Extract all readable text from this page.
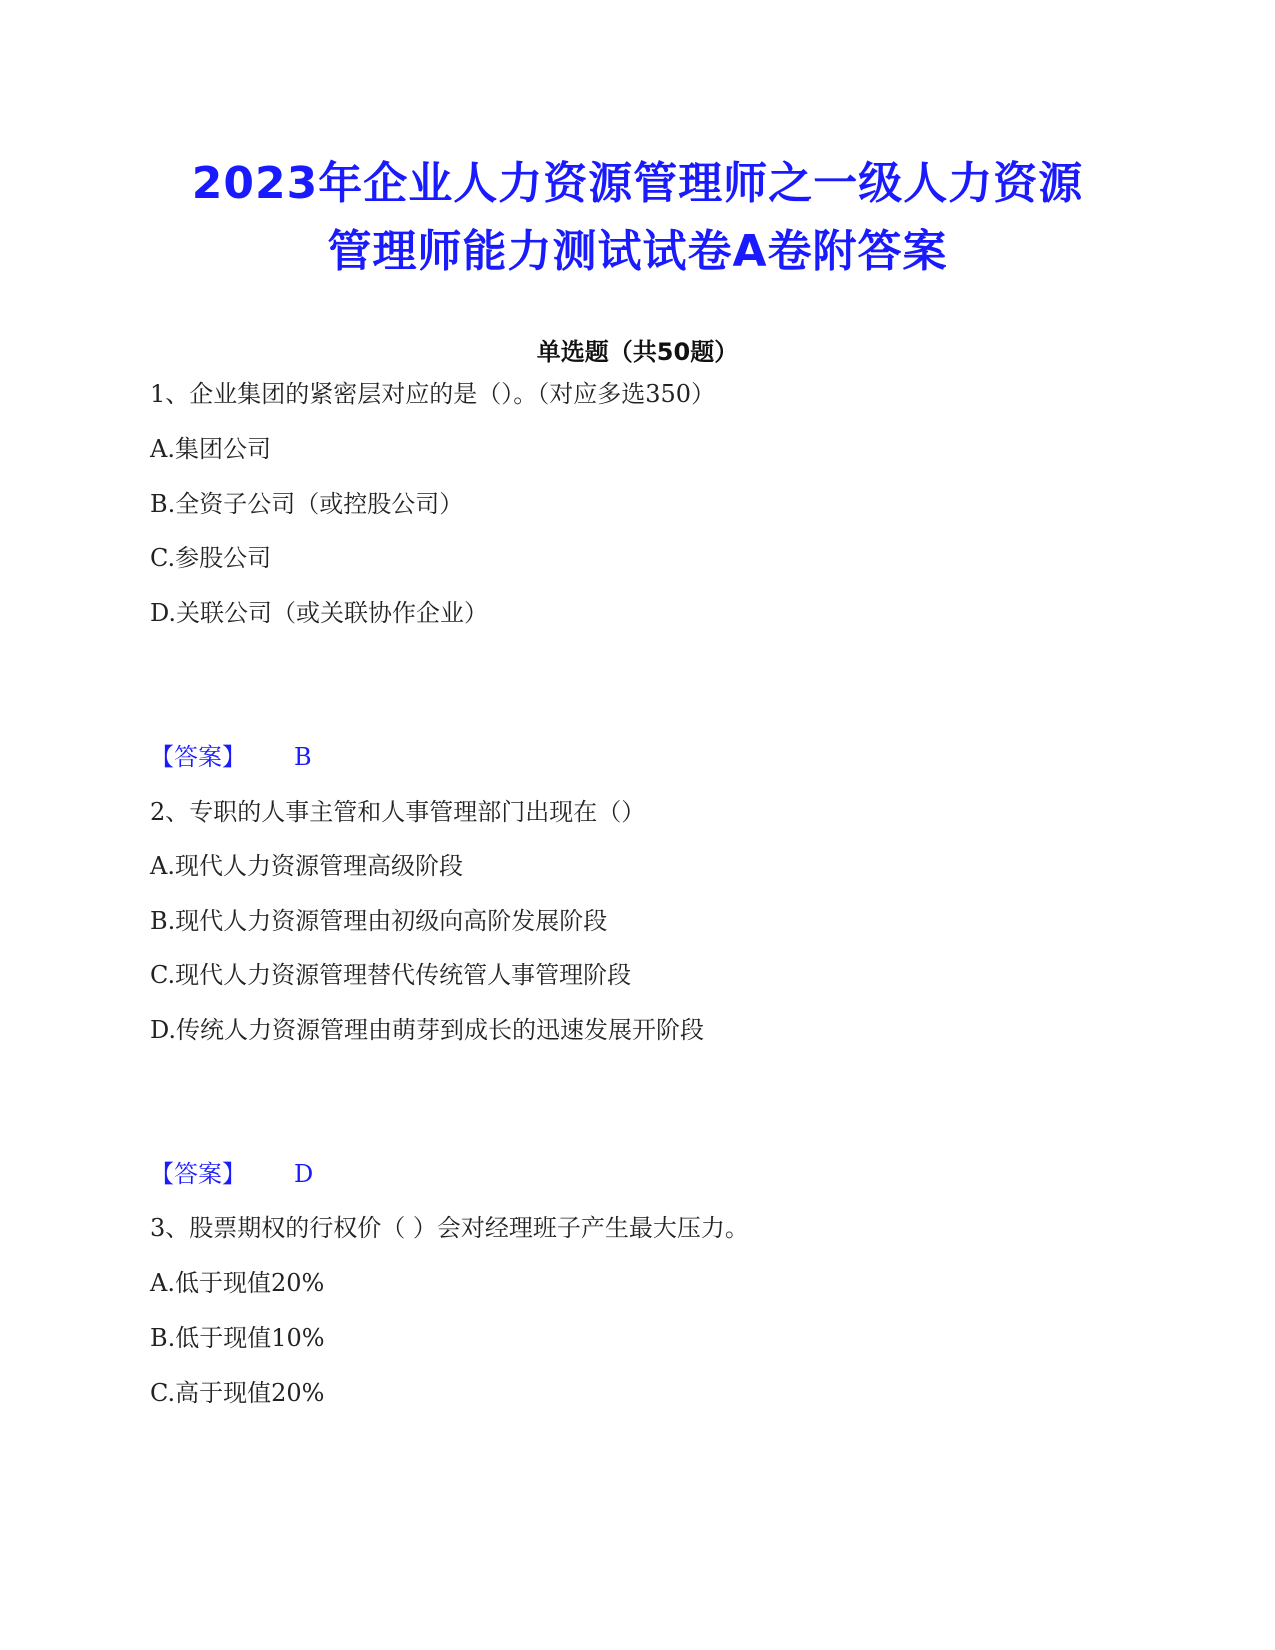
2023年企业人力资源管理师之一级人力资源
管理师能力测试试卷A卷附答案
单选题（共50题）
1、企业集团的紧密层对应的是（）。（对应多选350）
A.集团公司
B.全资子公司（或控股公司）
C.参股公司
D.关联公司（或关联协作企业）
【答案】 B
2、专职的人事主管和人事管理部门出现在（）
A.现代人力资源管理高级阶段
B.现代人力资源管理由初级向高阶发展阶段
C.现代人力资源管理替代传统管人事管理阶段
D.传统人力资源管理由萌芽到成长的迅速发展开阶段
【答案】 D
3、股票期权的行权价（ ）会对经理班子产生最大压力。
A.低于现值20%
B.低于现值10%
C.高于现值20%
